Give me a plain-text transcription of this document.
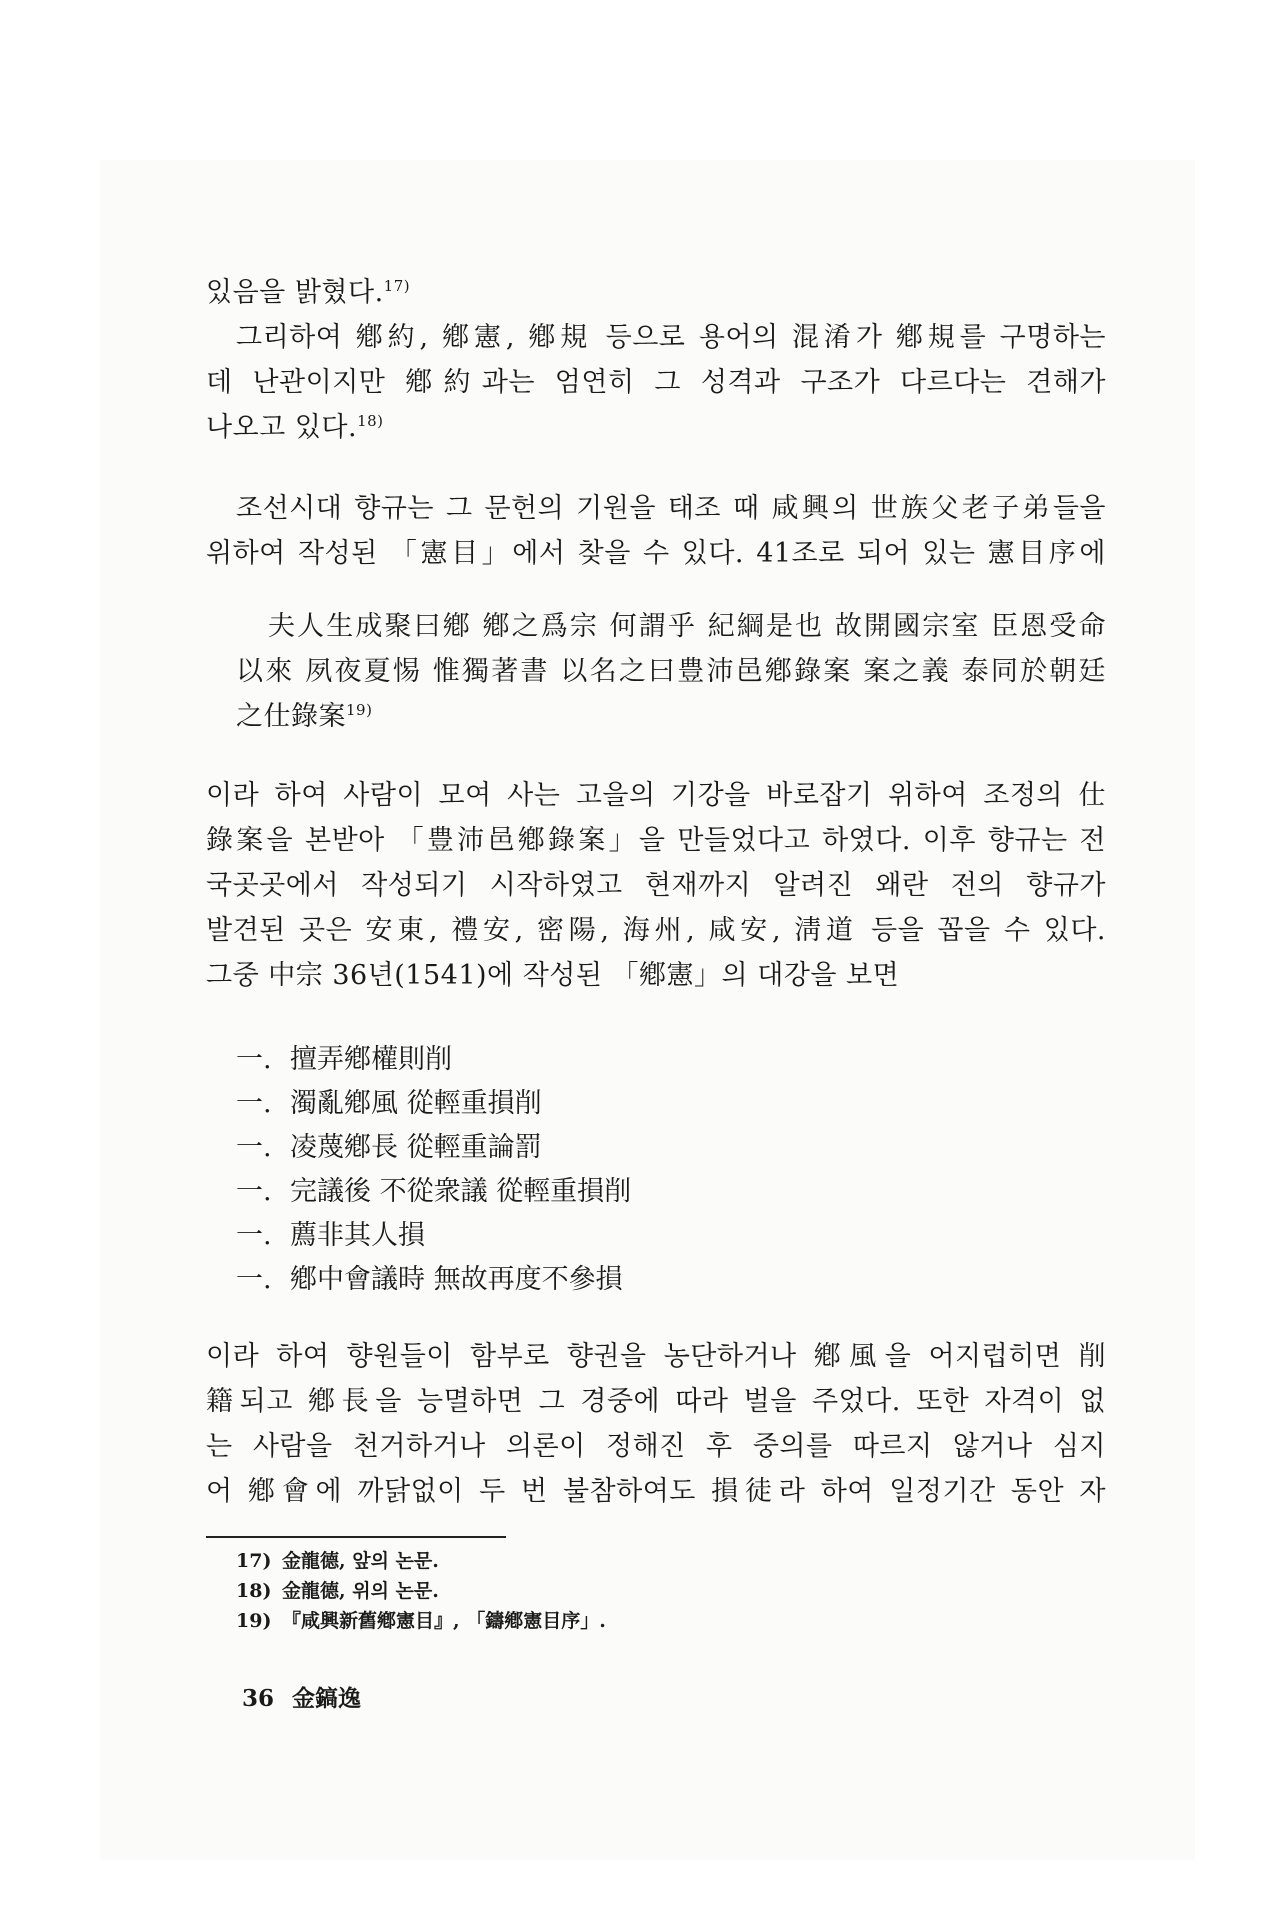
있음을 밝혔다.$^{17)}$
그리하여 鄕約, 鄕憲, 鄕規 등으로 용어의 混淆가 鄕規를 구명하는
데 난관이지만 鄕約과는 엄연히 그 성격과 구조가 다르다는 견해가
나오고 있다.$^{18)}$
조선시대 향규는 그 문헌의 기원을 태조 때 咸興의 世族父老子弟들을
위하여 작성된 「憲目」에서 찾을 수 있다. 41조로 되어 있는 憲目序에
夫人生成聚曰鄕 鄕之爲宗 何謂乎 紀綱是也 故開國宗室 臣恩受命
以來 夙夜夏惕 惟獨著書 以名之曰豊沛邑鄕錄案 案之義 泰同於朝廷
之仕錄案$^{19)}$
이라 하여 사람이 모여 사는 고을의 기강을 바로잡기 위하여 조정의 仕
錄案을 본받아 「豊沛邑鄕錄案」을 만들었다고 하였다. 이후 향규는 전
국곳곳에서 작성되기 시작하였고 현재까지 알려진 왜란 전의 향규가
발견된 곳은 安東, 禮安, 密陽, 海州, 咸安, 淸道 등을 꼽을 수 있다.
그중 中宗 36년(1541)에 작성된 「鄕憲」의 대강을 보면
一. 擅弄鄕權則削
一. 濁亂鄕風 從輕重損削
一. 凌蔑鄕長 從輕重論罰
一. 完議後 不從衆議 從輕重損削
一. 薦非其人損
一. 鄕中會議時 無故再度不參損
이라 하여 향원들이 함부로 향권을 농단하거나 鄕風을 어지럽히면 削
籍되고 鄕長을 능멸하면 그 경중에 따라 벌을 주었다. 또한 자격이 없
는 사람을 천거하거나 의론이 정해진 후 중의를 따르지 않거나 심지
어 鄕會에 까닭없이 두 번 불참하여도 損徒라 하여 일정기간 동안 자
17) 金龍德, 앞의 논문.
18) 金龍德, 위의 논문.
19) 『咸興新舊鄕憲目』, 「鑄鄕憲目序」.
36 金鎬逸
